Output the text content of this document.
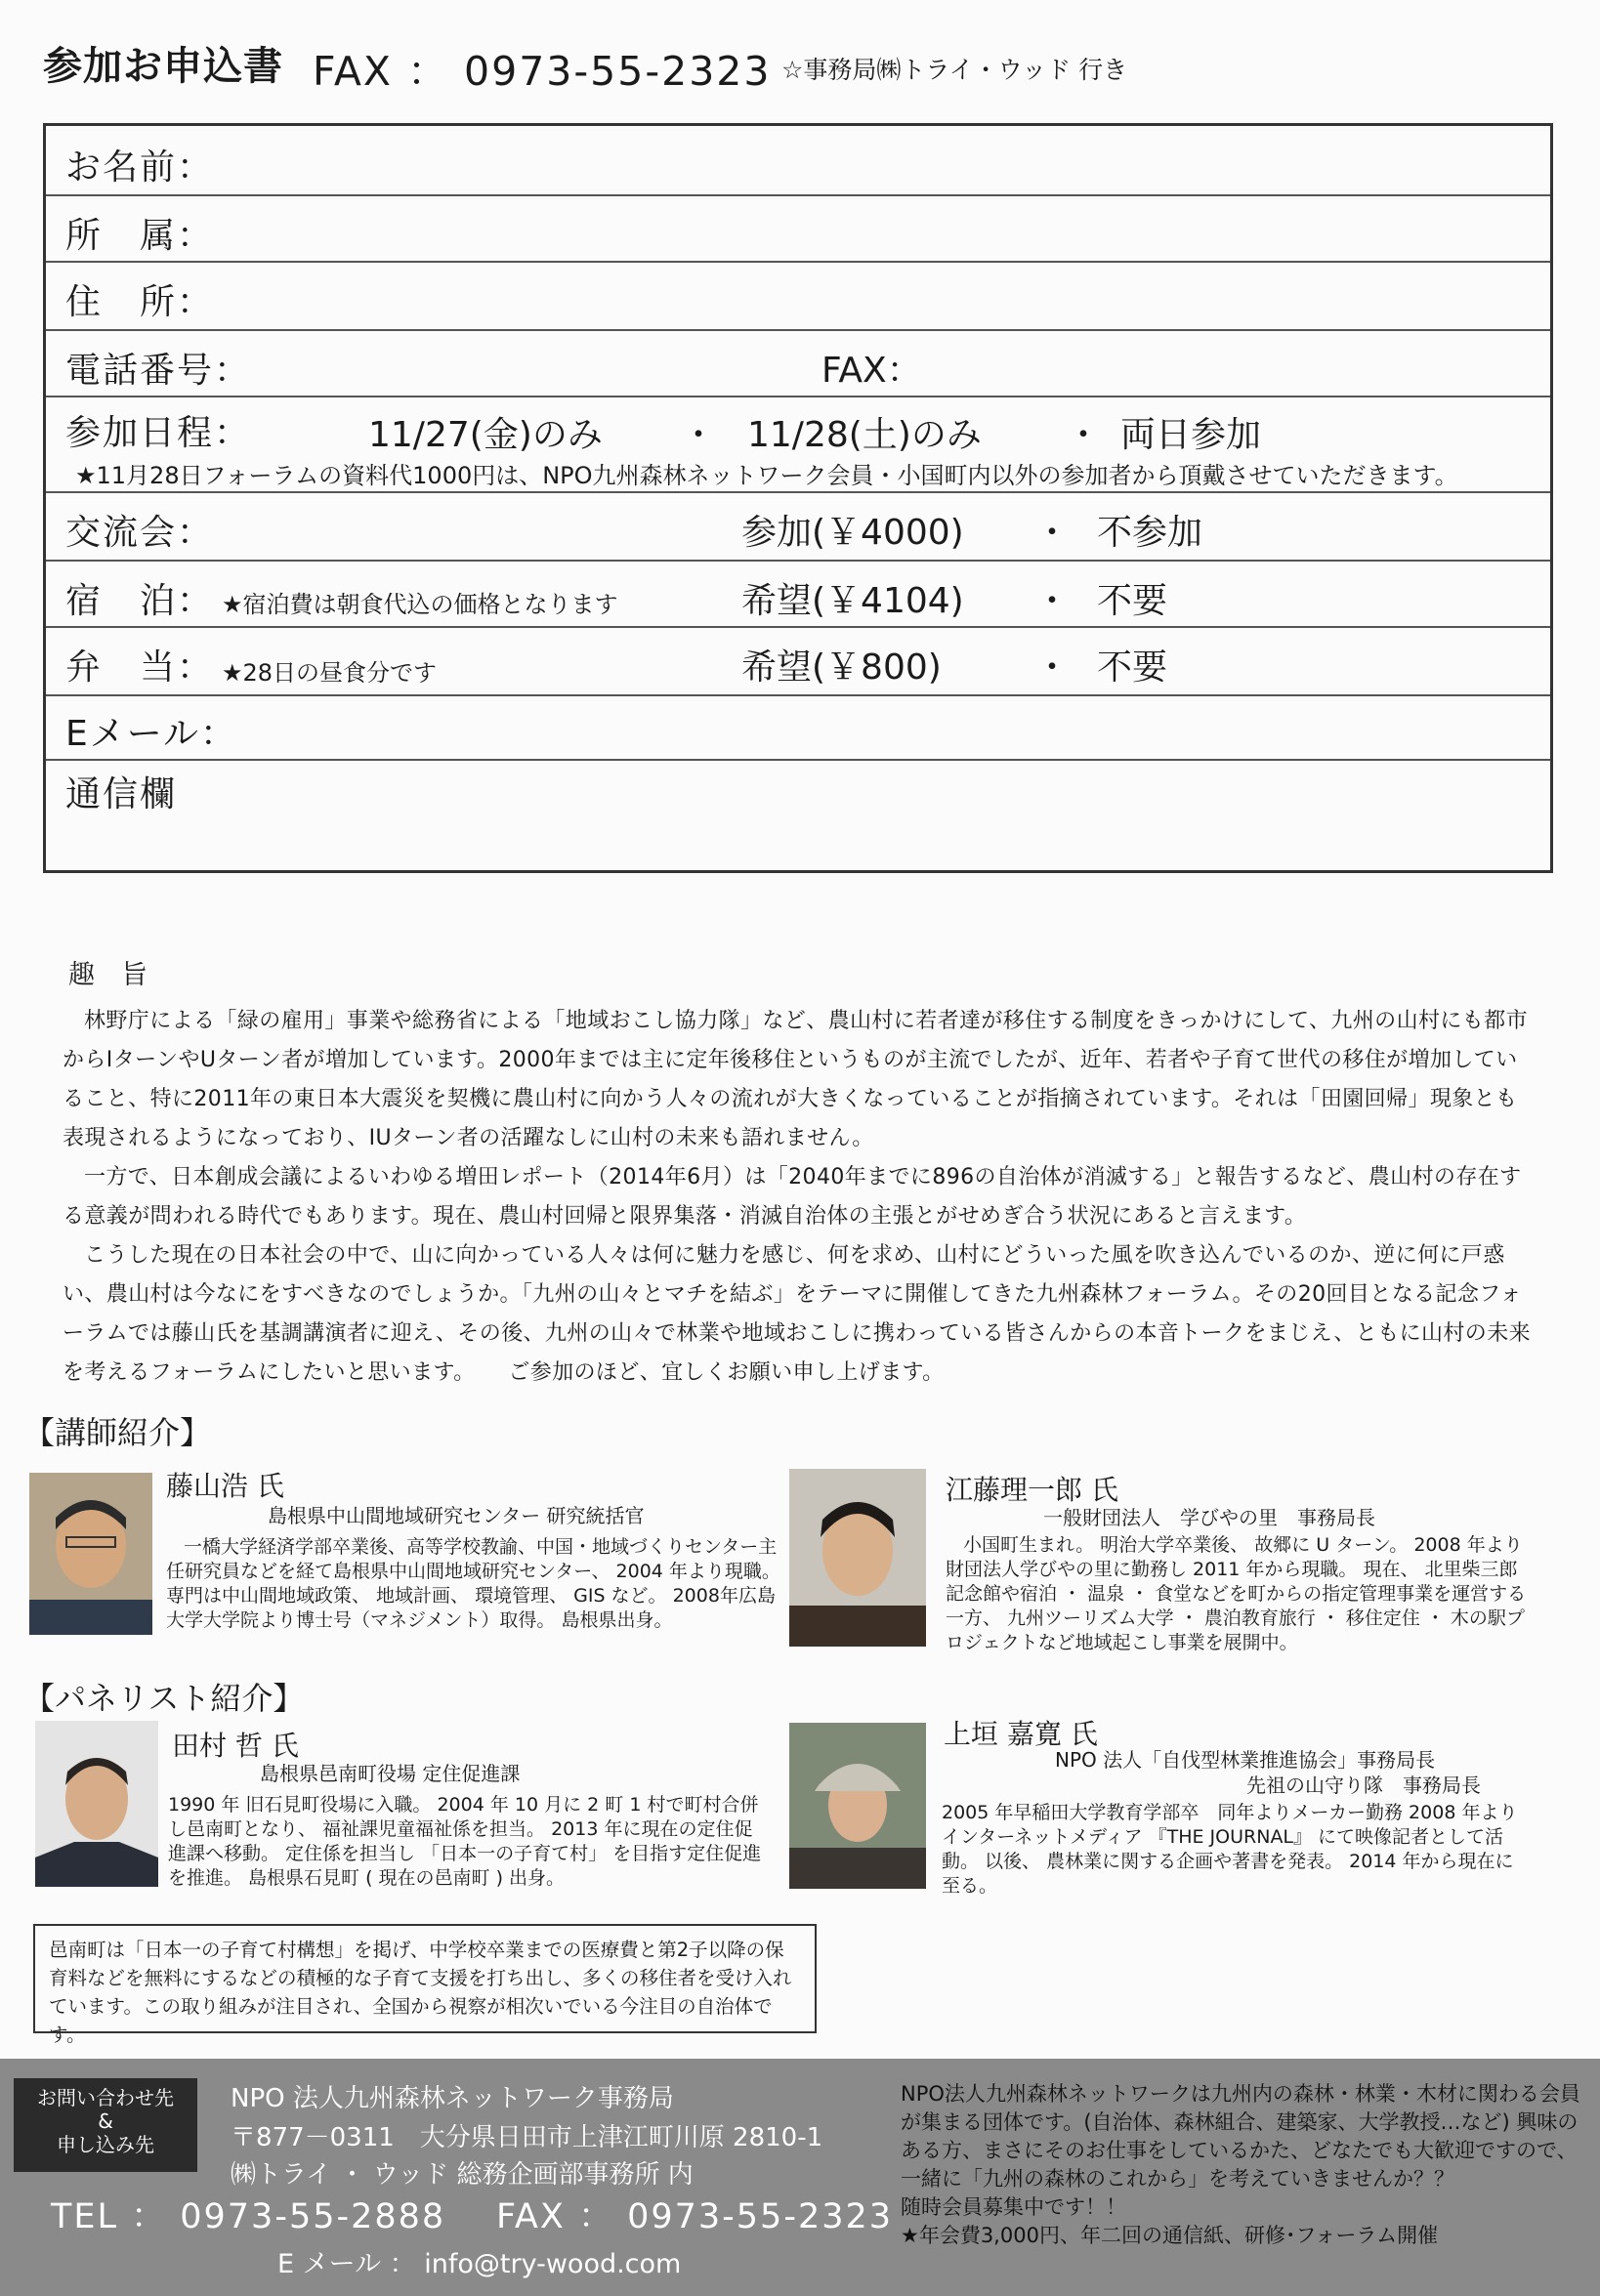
参加お申込書 FAX ： 0973-55-2323 ☆事務局㈱トライ・ウッド 行き
お名前：
所　属：
住　所：
電話番号：	FAX：
参加日程：	11/27(金)のみ ・ 11/28(土)のみ ・ 両日参加
★11月28日フォーラムの資料代1000円は、NPO九州森林ネットワーク会員・小国町内以外の参加者から頂戴させていただきます。
交流会：	参加(￥4000) ・ 不参加
宿　泊： ★宿泊費は朝食代込の価格となります	希望(￥4104) ・ 不要
弁　当： ★28日の昼食分です	希望(￥800)	・ 不要
Eメール：
通信欄
趣　旨
林野庁による「緑の雇用」事業や総務省による「地域おこし協力隊」など、農山村に若者達が移住する制度をきっかけにして、九州の山村にも都市からIターンやUターン者が増加しています。2000年までは主に定年後移住というものが主流でしたが、近年、若者や子育て世代の移住が増加していること、特に2011年の東日本大震災を契機に農山村に向かう人々の流れが大きくなっていることが指摘されています。それは「田園回帰」現象とも表現されるようになっており、IUターン者の活躍なしに山村の未来も語れません。
一方で、日本創成会議によるいわゆる増田レポート（2014年6月）は「2040年までに896の自治体が消滅する」と報告するなど、農山村の存在する意義が問われる時代でもあります。現在、農山村回帰と限界集落・消滅自治体の主張とがせめぎ合う状況にあると言えます。
こうした現在の日本社会の中で、山に向かっている人々は何に魅力を感じ、何を求め、山村にどういった風を吹き込んでいるのか、逆に何に戸惑い、農山村は今なにをすべきなのでしょうか。「九州の山々とマチを結ぶ」をテーマに開催してきた九州森林フォーラム。その20回目となる記念フォーラムでは藤山氏を基調講演者に迎え、その後、九州の山々で林業や地域おこしに携わっている皆さんからの本音トークをまじえ、ともに山村の未来を考えるフォーラムにしたいと思います。　　ご参加のほど、宜しくお願い申し上げます。
【講師紹介】
藤山浩 氏
島根県中山間地域研究センター 研究統括官
一橋大学経済学部卒業後、高等学校教諭、中国・地域づくりセンター主任研究員などを経て島根県中山間地域研究センター、 2004 年より現職。 専門は中山間地域政策、 地域計画、 環境管理、 GIS など。 2008年広島大学大学院より博士号（マネジメント）取得。 島根県出身。
江藤理一郎 氏
一般財団法人　学びやの里　事務局長
小国町生まれ。 明治大学卒業後、 故郷に U ターン。 2008 年より財団法人学びやの里に勤務し 2011 年から現職。 現在、 北里柴三郎記念館や宿泊 ・ 温泉 ・ 食堂などを町からの指定管理事業を運営する一方、 九州ツーリズム大学 ・ 農泊教育旅行 ・ 移住定住 ・ 木の駅プロジェクトなど地域起こし事業を展開中。
【パネリスト紹介】
田村 哲 氏
島根県邑南町役場 定住促進課
1990 年 旧石見町役場に入職。 2004 年 10 月に 2 町 1 村で町村合併し邑南町となり、 福祉課児童福祉係を担当。 2013 年に現在の定住促進課へ移動。 定住係を担当し 「日本一の子育て村」 を目指す定住促進を推進。 島根県石見町 ( 現在の邑南町 ) 出身。
上垣 嘉寛 氏
NPO 法人「自伐型林業推進協会」事務局長
先祖の山守り隊　事務局長
2005 年早稲田大学教育学部卒　同年よりメーカー勤務 2008 年よりインターネットメディア 『THE JOURNAL』 にて映像記者として活動。 以後、 農林業に関する企画や著書を発表。 2014 年から現在に至る。
邑南町は「日本一の子育て村構想」を掲げ、中学校卒業までの医療費と第2子以降の保育料などを無料にするなどの積極的な子育て支援を打ち出し、多くの移住者を受け入れています。この取り組みが注目され、全国から視察が相次いでいる今注目の自治体です。
お問い合わせ先
&
申し込み先
NPO 法人九州森林ネットワーク事務局
〒877－0311　大分県日田市上津江町川原 2810-1
㈱トライ ・ ウッド 総務企画部事務所 内
TEL ： 0973-55-2888 FAX ： 0973-55-2323
E メール ： info@try-wood.com
NPO法人九州森林ネットワークは九州内の森林・林業・木材に関わる会員が集まる団体です。(自治体、森林組合、建築家、大学教授…など) 興味のある方、まさにそのお仕事をしているかた、どなたでも大歓迎ですので、一緒に「九州の森林のこれから」を考えていきませんか？？
随時会員募集中です！！
★年会費3,000円、年二回の通信紙、研修･フォーラム開催
